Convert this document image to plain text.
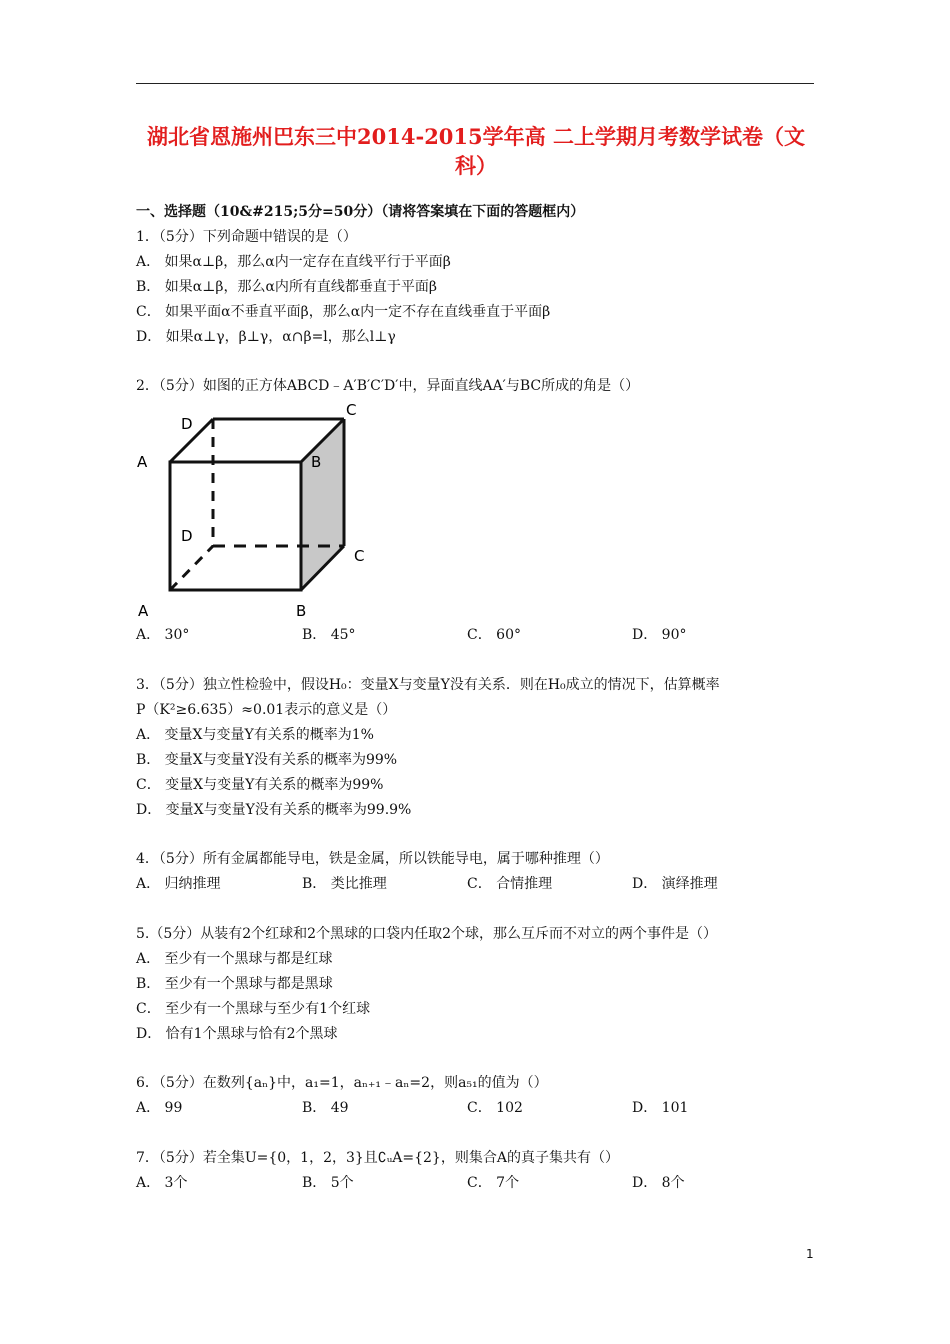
湖北省恩施州巴东三中2014-2015学年高 二上学期月考数学试卷（文科）
一、选择题（10&#215;5分=50分）（请将答案填在下面的答题框内）
1．（5分）下列命题中错误的是（）
A． 如果α⊥β，那么α内一定存在直线平行于平面β
B． 如果α⊥β，那么α内所有直线都垂直于平面β
C． 如果平面α不垂直平面β，那么α内一定不存在直线垂直于平面β
D． 如果α⊥γ，β⊥γ，α∩β=l，那么l⊥γ
2．（5分）如图的正方体ABCD﹣A′B′C′D′中，异面直线AA′与BC所成的角是（）
C
D
A	B
D
C
A	B
A． 30°	B． 45°	C． 60°	D． 90°
3．（5分）独立性检验中，假设H₀：变量X与变量Y没有关系．则在H₀成立的情况下，估算概率
P（K²≥6.635）≈0.01表示的意义是（）
A． 变量X与变量Y有关系的概率为1%
B． 变量X与变量Y没有关系的概率为99%
C． 变量X与变量Y有关系的概率为99%
D． 变量X与变量Y没有关系的概率为99.9%
4．（5分）所有金属都能导电，铁是金属，所以铁能导电，属于哪种推理（）
A． 归纳推理	B． 类比推理	C． 合情推理	D． 演绎推理
5.（5分）从装有2个红球和2个黑球的口袋内任取2个球，那么互斥而不对立的两个事件是（）
A． 至少有一个黑球与都是红球
B． 至少有一个黑球与都是黑球
C． 至少有一个黑球与至少有1个红球
D． 恰有1个黑球与恰有2个黑球
6．（5分）在数列{aₙ}中，a₁=1，aₙ₊₁﹣aₙ=2，则a₅₁的值为（）
A． 99	B． 49	C． 102	D． 101
7．（5分）若全集U={0，1，2，3}且∁ᵤA={2}，则集合A的真子集共有（）
A． 3个	B． 5个	C． 7个	D． 8个
1
